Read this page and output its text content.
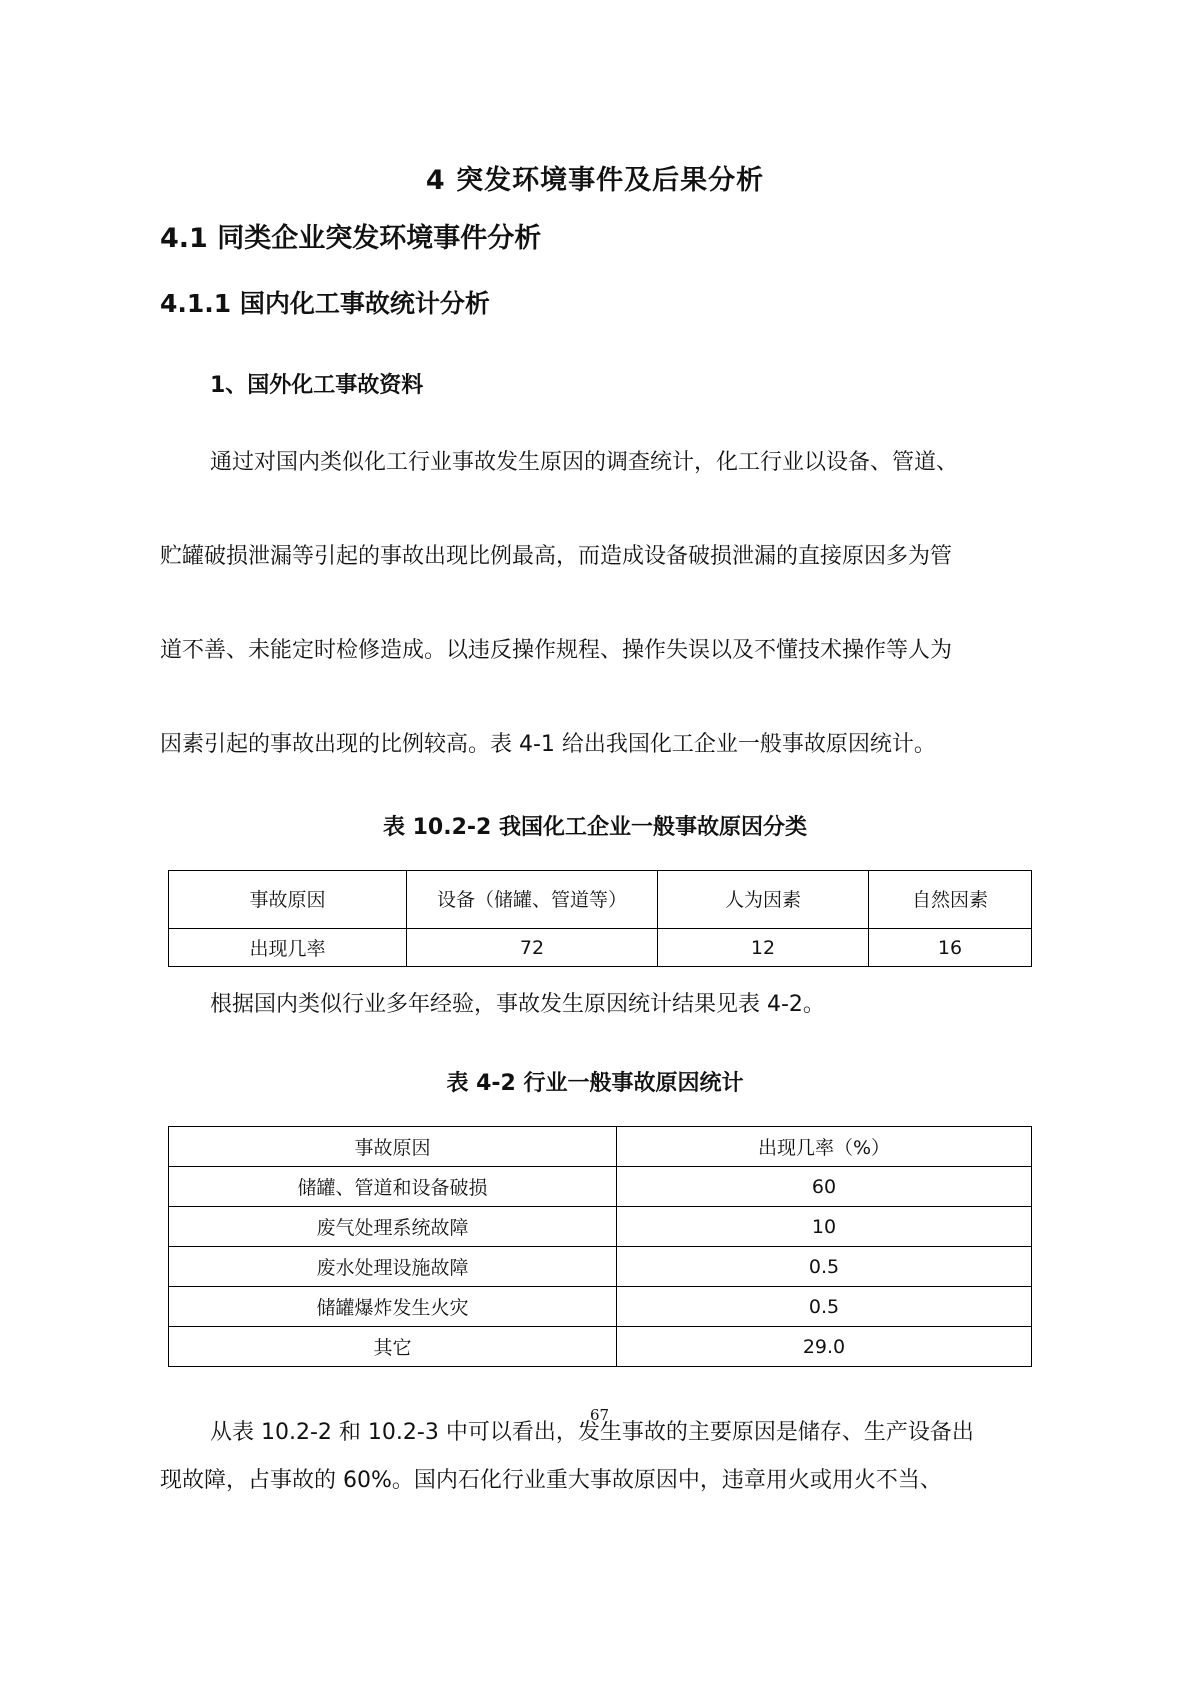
4 突发环境事件及后果分析
4.1 同类企业突发环境事件分析
4.1.1 国内化工事故统计分析
1、国外化工事故资料
通过对国内类似化工行业事故发生原因的调查统计，化工行业以设备、管道、
贮罐破损泄漏等引起的事故出现比例最高，而造成设备破损泄漏的直接原因多为管
道不善、未能定时检修造成。以违反操作规程、操作失误以及不懂技术操作等人为
因素引起的事故出现的比例较高。表 4-1 给出我国化工企业一般事故原因统计。
表 10.2-2 我国化工企业一般事故原因分类
事故原因	设备（储罐、管道等）	人为因素	自然因素
出现几率	72	12	16
根据国内类似行业多年经验，事故发生原因统计结果见表 4-2。
表 4-2 行业一般事故原因统计
事故原因	出现几率（%）
储罐、管道和设备破损	60
废气处理系统故障	10
废水处理设施故障	0.5
储罐爆炸发生火灾	0.5
其它	29.0
67
从表 10.2-2 和 10.2-3 中可以看出，发生事故的主要原因是储存、生产设备出
现故障，占事故的 60%。国内石化行业重大事故原因中，违章用火或用火不当、
